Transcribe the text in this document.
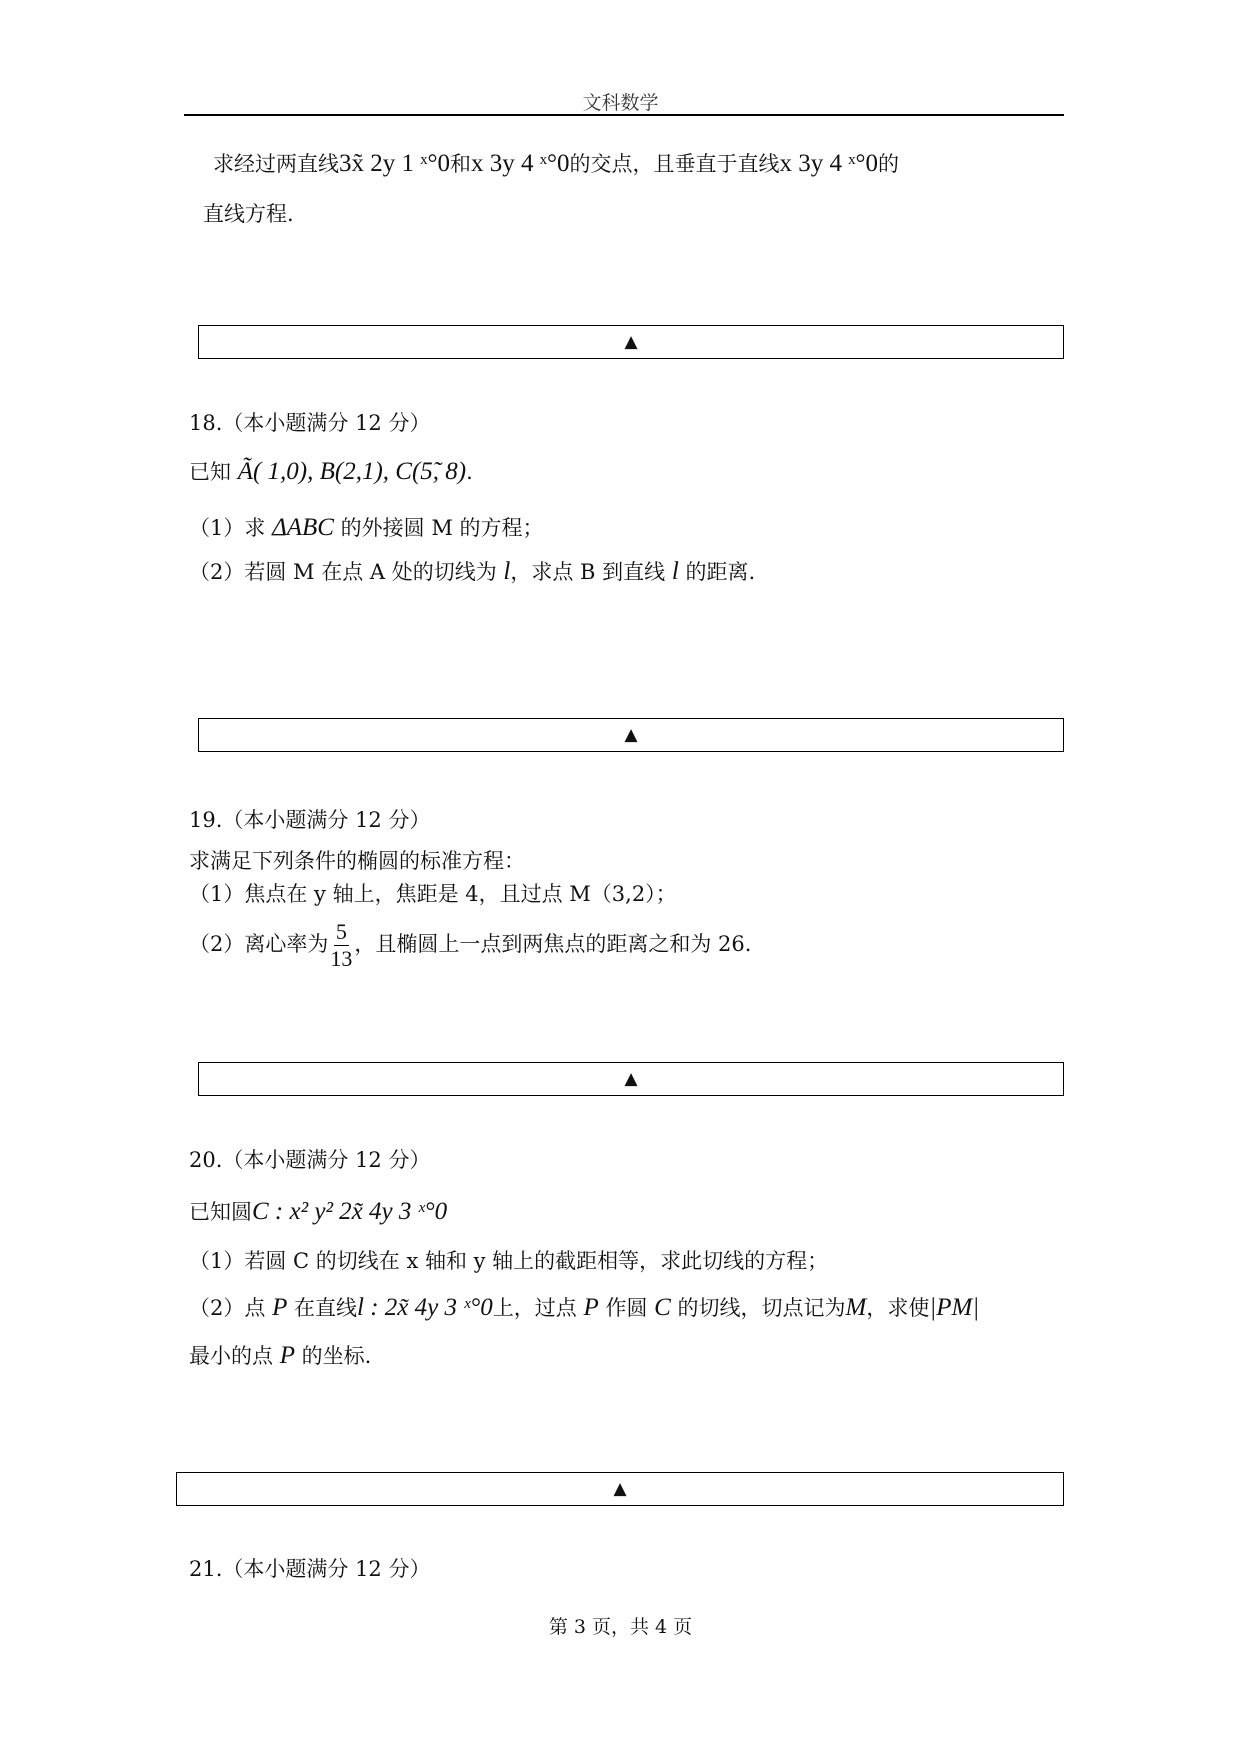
文科数学
求经过两直线3x̃ 2y 1 ˣ°0和x 3y 4 ˣ°0的交点，且垂直于直线x 3y 4 ˣ°0的
直线方程.
▲
18.（本小题满分 12 分）
已知 Ã( 1,0), B(2,1), C(5̃, 8).
（1）求 ΔABC 的外接圆 M 的方程；
（2）若圆 M 在点 A 处的切线为 l，求点 B 到直线 l 的距离.
▲
19.（本小题满分 12 分）
求满足下列条件的椭圆的标准方程：
（1）焦点在 y 轴上，焦距是 4，且过点 M（3,2）；
（2）离心率为 $\frac{5}{13}$ ，且椭圆上一点到两焦点的距离之和为 26.
▲
20.（本小题满分 12 分）
已知圆C : x² y² 2x̃ 4y 3 ˣ°0
（1）若圆 C 的切线在 x 轴和 y 轴上的截距相等，求此切线的方程；
（2）点 P 在直线l : 2x̃ 4y 3 ˣ°0上，过点 P 作圆 C 的切线，切点记为M，求使|PM|
最小的点 P 的坐标.
▲
21.（本小题满分 12 分）
第 3 页，共 4 页
